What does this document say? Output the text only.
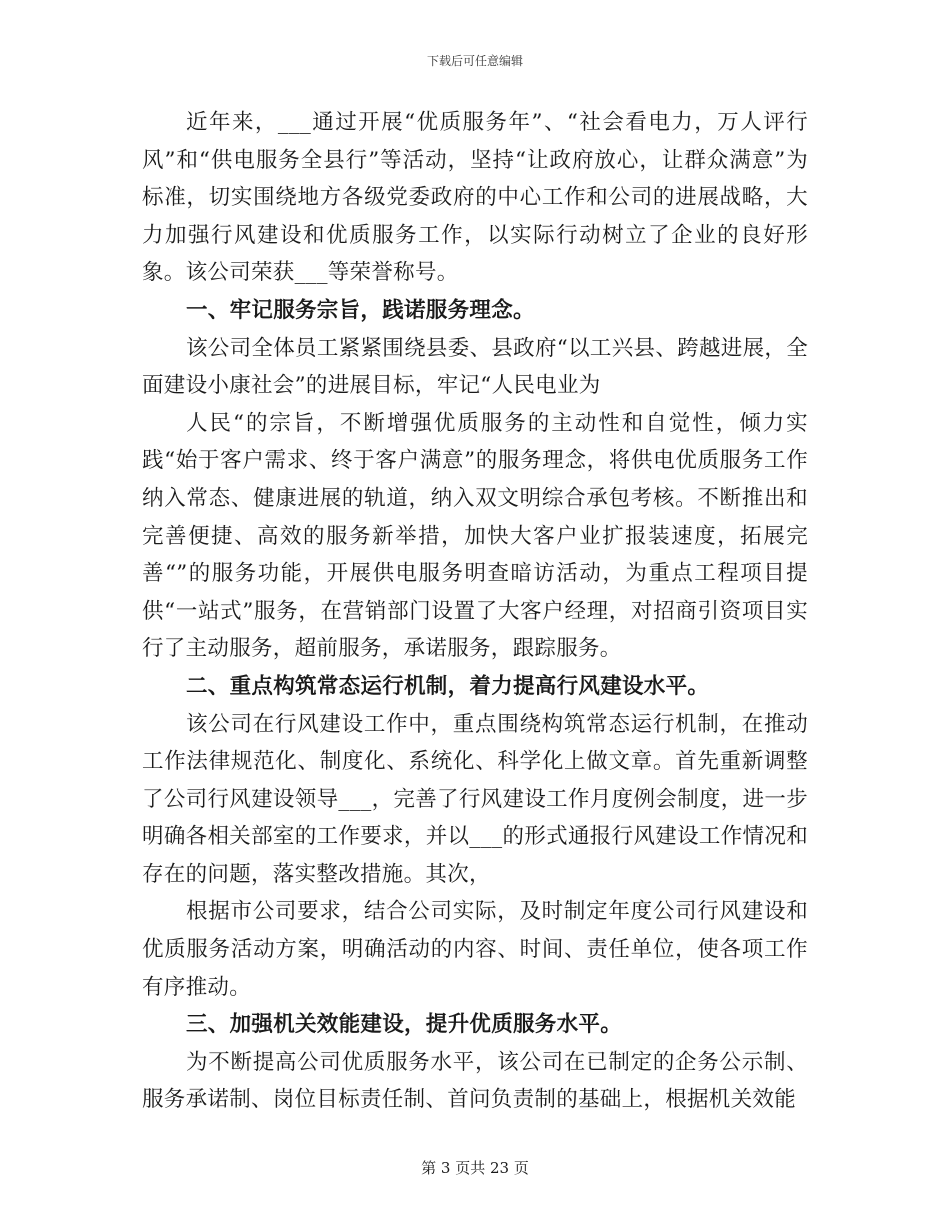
下载后可任意编辑

近年来，___通过开展“优质服务年”、“社会看电力，万人评行风”和“供电服务全县行”等活动，坚持“让政府放心，让群众满意”为标准，切实围绕地方各级党委政府的中心工作和公司的进展战略，大力加强行风建设和优质服务工作，以实际行动树立了企业的良好形象。该公司荣获___等荣誉称号。

一、牢记服务宗旨，践诺服务理念。

该公司全体员工紧紧围绕县委、县政府“以工兴县、跨越进展，全面建设小康社会”的进展目标，牢记“人民电业为

人民“的宗旨，不断增强优质服务的主动性和自觉性，倾力实践“始于客户需求、终于客户满意”的服务理念，将供电优质服务工作纳入常态、健康进展的轨道，纳入双文明综合承包考核。不断推出和完善便捷、高效的服务新举措，加快大客户业扩报装速度，拓展完善“”的服务功能，开展供电服务明查暗访活动，为重点工程项目提供“一站式”服务，在营销部门设置了大客户经理，对招商引资项目实行了主动服务，超前服务，承诺服务，跟踪服务。

二、重点构筑常态运行机制，着力提高行风建设水平。

该公司在行风建设工作中，重点围绕构筑常态运行机制，在推动工作法律规范化、制度化、系统化、科学化上做文章。首先重新调整了公司行风建设领导___，完善了行风建设工作月度例会制度，进一步明确各相关部室的工作要求，并以___的形式通报行风建设工作情况和存在的问题，落实整改措施。其次，

根据市公司要求，结合公司实际，及时制定年度公司行风建设和优质服务活动方案，明确活动的内容、时间、责任单位，使各项工作有序推动。

三、加强机关效能建设，提升优质服务水平。

为不断提高公司优质服务水平，该公司在已制定的企务公示制、服务承诺制、岗位目标责任制、首问负责制的基础上，根据机关效能

第 3 页共 23 页
